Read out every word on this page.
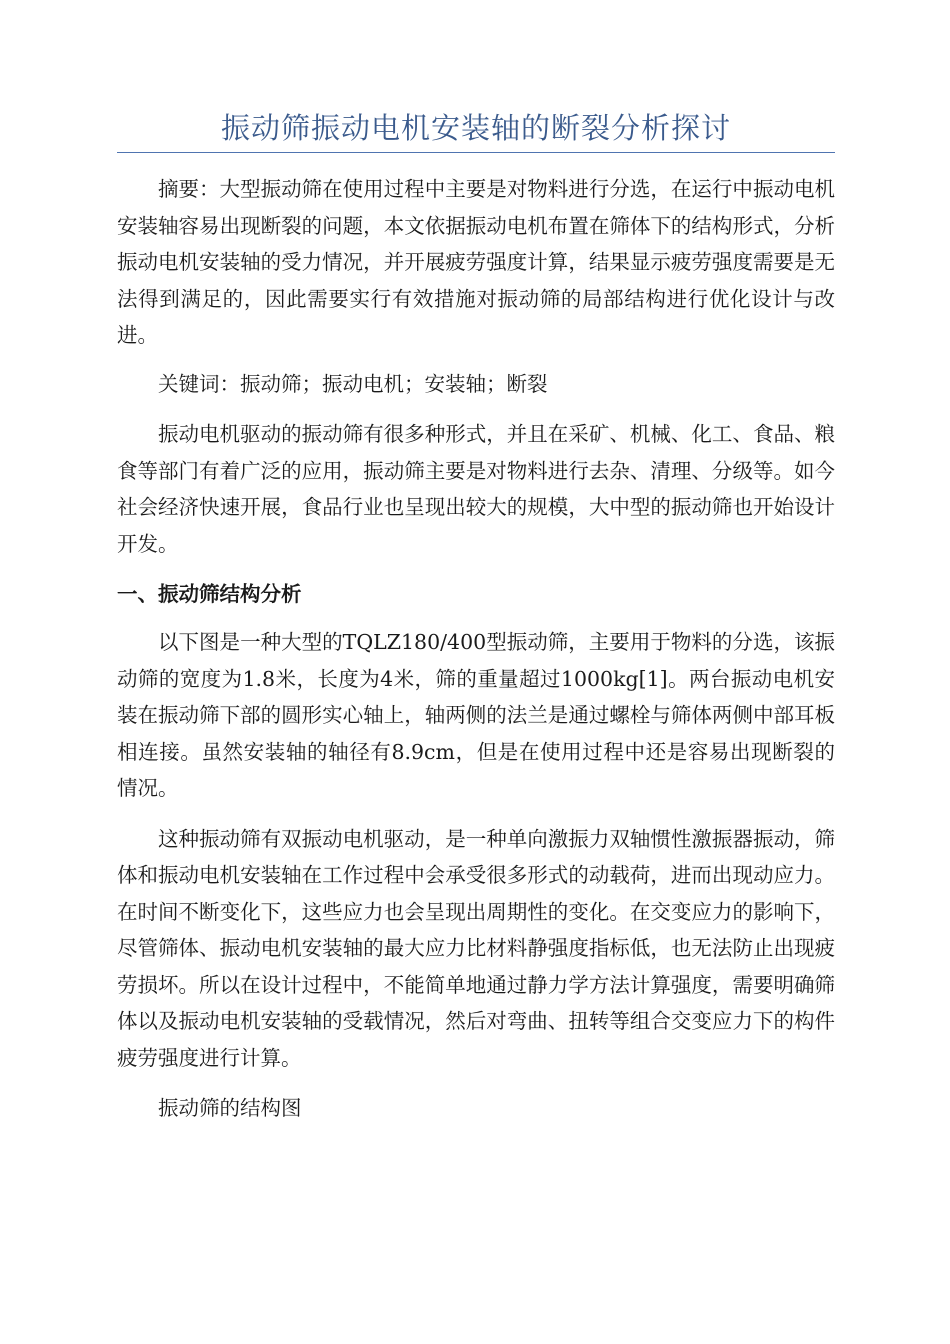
振动筛振动电机安装轴的断裂分析探讨

摘要：大型振动筛在使用过程中主要是对物料进行分选，在运行中振动电机安装轴容易出现断裂的问题，本文依据振动电机布置在筛体下的结构形式，分析振动电机安装轴的受力情况，并开展疲劳强度计算，结果显示疲劳强度需要是无法得到满足的，因此需要实行有效措施对振动筛的局部结构进行优化设计与改进。

关键词：振动筛；振动电机；安装轴；断裂

振动电机驱动的振动筛有很多种形式，并且在采矿、机械、化工、食品、粮食等部门有着广泛的应用，振动筛主要是对物料进行去杂、清理、分级等。如今社会经济快速开展，食品行业也呈现出较大的规模，大中型的振动筛也开始设计开发。

一、振动筛结构分析

以下图是一种大型的TQLZ180/400型振动筛，主要用于物料的分选，该振动筛的宽度为1.8米，长度为4米，筛的重量超过1000kg[1]。两台振动电机安装在振动筛下部的圆形实心轴上，轴两侧的法兰是通过螺栓与筛体两侧中部耳板相连接。虽然安装轴的轴径有8.9cm，但是在使用过程中还是容易出现断裂的情况。

这种振动筛有双振动电机驱动，是一种单向激振力双轴惯性激振器振动，筛体和振动电机安装轴在工作过程中会承受很多形式的动载荷，进而出现动应力。在时间不断变化下，这些应力也会呈现出周期性的变化。在交变应力的影响下，尽管筛体、振动电机安装轴的最大应力比材料静强度指标低，也无法防止出现疲劳损坏。所以在设计过程中，不能简单地通过静力学方法计算强度，需要明确筛体以及振动电机安装轴的受载情况，然后对弯曲、扭转等组合交变应力下的构件疲劳强度进行计算。

振动筛的结构图
